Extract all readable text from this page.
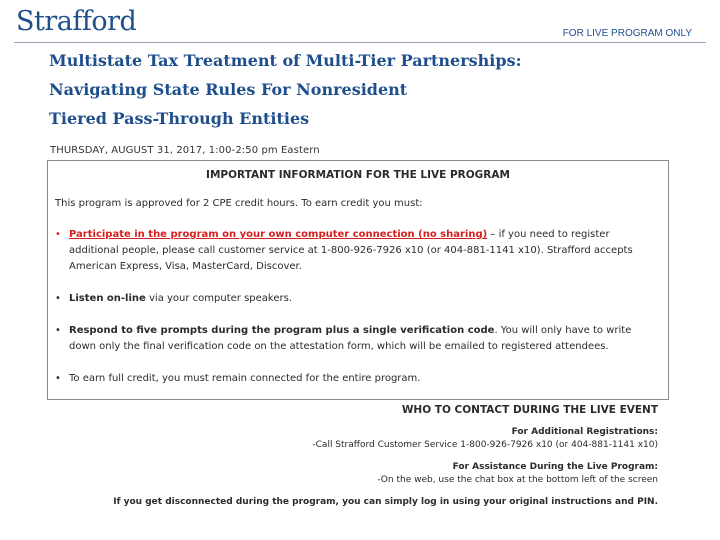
Strafford	FOR LIVE PROGRAM ONLY
Multistate Tax Treatment of Multi-Tier Partnerships:
Navigating State Rules For Nonresident
Tiered Pass-Through Entities
THURSDAY, AUGUST 31, 2017, 1:00-2:50 pm Eastern
IMPORTANT INFORMATION FOR THE LIVE PROGRAM
This program is approved for 2 CPE credit hours. To earn credit you must:
• Participate in the program on your own computer connection (no sharing) – if you need to register additional people, please call customer service at 1-800-926-7926 x10 (or 404-881-1141 x10). Strafford accepts American Express, Visa, MasterCard, Discover.
• Listen on-line via your computer speakers.
• Respond to five prompts during the program plus a single verification code. You will only have to write down only the final verification code on the attestation form, which will be emailed to registered attendees.
• To earn full credit, you must remain connected for the entire program.
WHO TO CONTACT DURING THE LIVE EVENT
For Additional Registrations:
-Call Strafford Customer Service 1-800-926-7926 x10 (or 404-881-1141 x10)
For Assistance During the Live Program:
-On the web, use the chat box at the bottom left of the screen
If you get disconnected during the program, you can simply log in using your original instructions and PIN.
